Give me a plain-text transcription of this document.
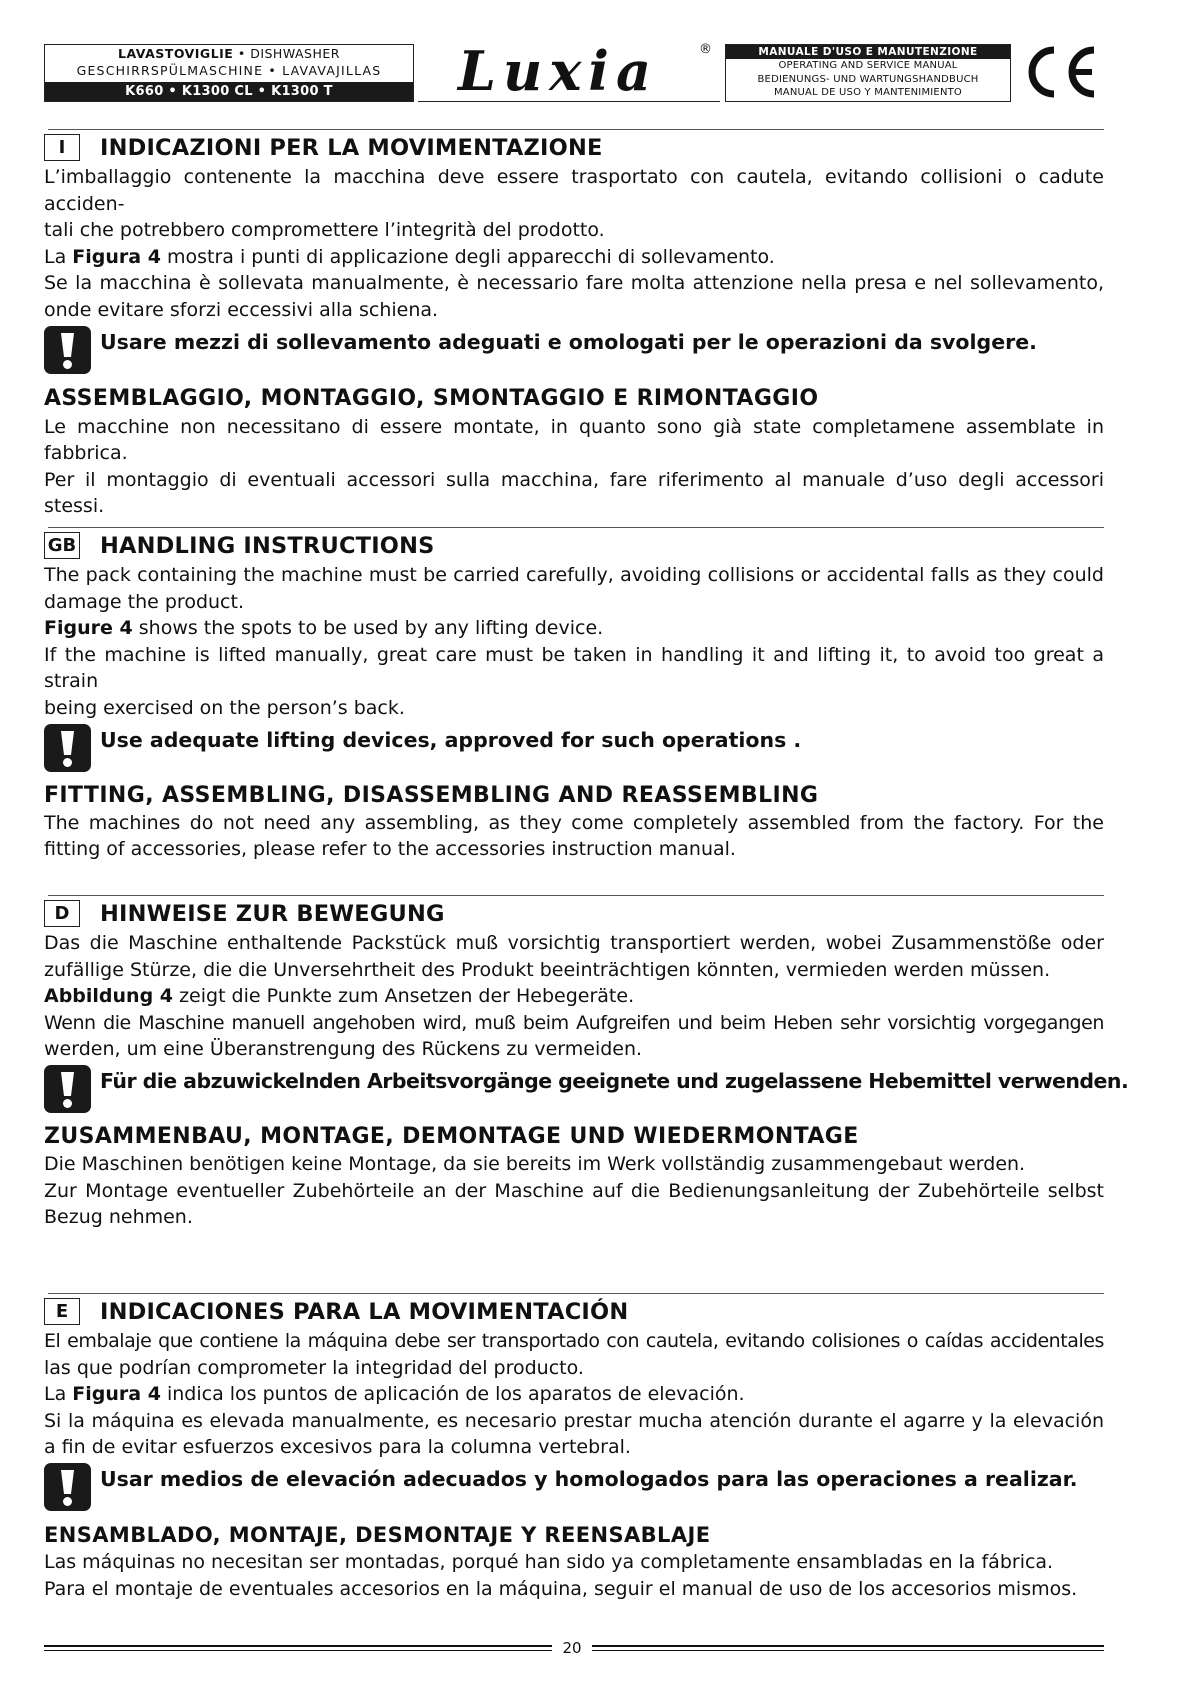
LAVASTOVIGLIE • DISHWASHER
GESCHIRRSPÜLMASCHINE • LAVAVAJILLAS
K660 • K1300 CL • K1300 T	Luxia	®	MANUALE D'USO E MANUTENZIONE
OPERATING AND SERVICE MANUAL
BEDIENUNGS- UND WARTUNGSHANDBUCH
MANUAL DE USO Y MANTENIMIENTO
I	INDICAZIONI PER LA MOVIMENTAZIONE
L’imballaggio contenente la macchina deve essere trasportato con cautela, evitando collisioni o cadute acciden-
tali che potrebbero compromettere l’integrità del prodotto.
La Figura 4 mostra i punti di applicazione degli apparecchi di sollevamento.
Se la macchina è sollevata manualmente, è necessario fare molta attenzione nella presa e nel sollevamento,
onde evitare sforzi eccessivi alla schiena.
Usare mezzi di sollevamento adeguati e omologati per le operazioni da svolgere.
ASSEMBLAGGIO, MONTAGGIO, SMONTAGGIO E RIMONTAGGIO
Le macchine non necessitano di essere montate, in quanto sono già state completamene assemblate in
fabbrica.
Per il montaggio di eventuali accessori sulla macchina, fare riferimento al manuale d’uso degli accessori stessi.
GB HANDLING INSTRUCTIONS
The pack containing the machine must be carried carefully, avoiding collisions or accidental falls as they could
damage the product.
Figure 4 shows the spots to be used by any lifting device.
If the machine is lifted manually, great care must be taken in handling it and lifting it, to avoid too great a strain
being exercised on the person’s back.
Use adequate lifting devices, approved for such operations .
FITTING, ASSEMBLING, DISASSEMBLING AND REASSEMBLING
The machines do not need any assembling, as they come completely assembled from the factory. For the
fitting of accessories, please refer to the accessories instruction manual.
D	HINWEISE ZUR BEWEGUNG
Das die Maschine enthaltende Packstück muß vorsichtig transportiert werden, wobei Zusammenstöße oder
zufällige Stürze, die die Unversehrtheit des Produkt beeinträchtigen könnten, vermieden werden müssen.
Abbildung 4 zeigt die Punkte zum Ansetzen der Hebegeräte.
Wenn die Maschine manuell angehoben wird, muß beim Aufgreifen und beim Heben sehr vorsichtig vorgegangen
werden, um eine Überanstrengung des Rückens zu vermeiden.
Für die abzuwickelnden Arbeitsvorgänge geeignete und zugelassene Hebemittel verwenden.
ZUSAMMENBAU, MONTAGE, DEMONTAGE UND WIEDERMONTAGE
Die Maschinen benötigen keine Montage, da sie bereits im Werk vollständig zusammengebaut werden.
Zur Montage eventueller Zubehörteile an der Maschine auf die Bedienungsanleitung der Zubehörteile selbst
Bezug nehmen.
E	INDICACIONES PARA LA MOVIMENTACIÓN
El embalaje que contiene la máquina debe ser transportado con cautela, evitando colisiones o caídas accidentales
las que podrían comprometer la integridad del producto.
La Figura 4 indica los puntos de aplicación de los aparatos de elevación.
Si la máquina es elevada manualmente, es necesario prestar mucha atención durante el agarre y la elevación
a fin de evitar esfuerzos excesivos para la columna vertebral.
Usar medios de elevación adecuados y homologados para las operaciones a realizar.
ENSAMBLADO, MONTAJE, DESMONTAJE Y REENSABLAJE
Las máquinas no necesitan ser montadas, porqué han sido ya completamente ensambladas en la fábrica.
Para el montaje de eventuales accesorios en la máquina, seguir el manual de uso de los accesorios mismos.
20
